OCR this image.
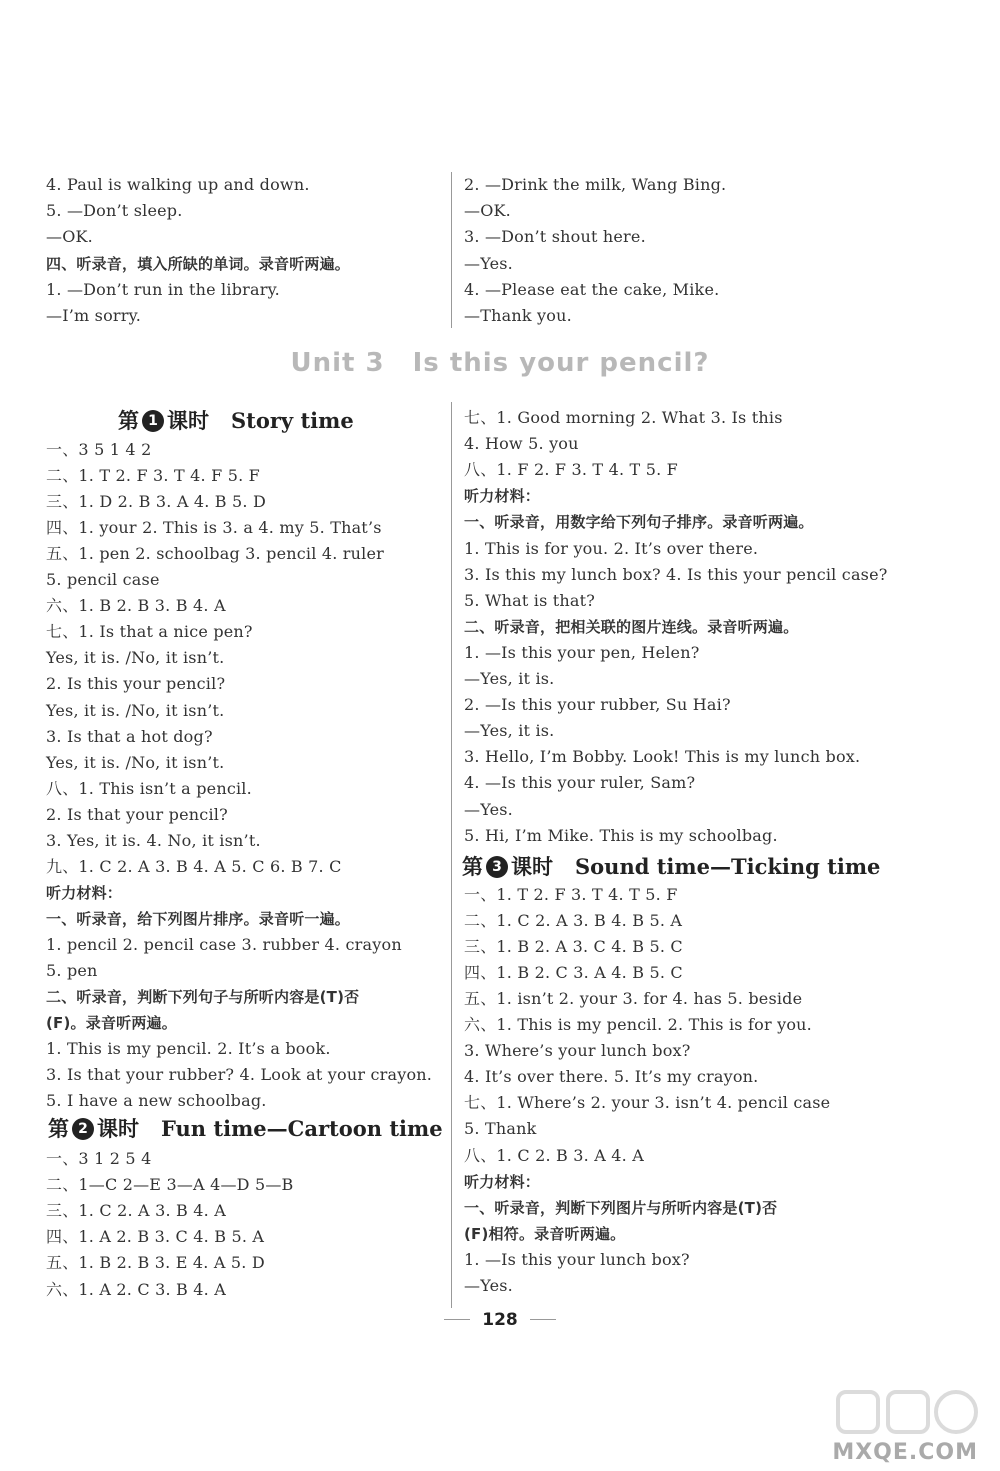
4. Paul is walking up and down.
5. —Don’t sleep.
—OK.
四、听录音，填入所缺的单词。录音听两遍。
1. —Don’t run in the library.
—I’m sorry.
2. —Drink the milk, Wang Bing.
—OK.
3. —Don’t shout here.
—Yes.
4. —Please eat the cake, Mike.
—Thank you.
Unit 3 Is this your pencil?
第 1 课时 Story time
第 2 课时 Fun time—Cartoon time
第 3 课时 Sound time—Ticking time
一、3 5 1 4 2
二、1. T 2. F 3. T 4. F 5. F
三、1. D 2. B 3. A 4. B 5. D
四、1. your 2. This is 3. a 4. my 5. That’s
五、1. pen 2. schoolbag 3. pencil 4. ruler
5. pencil case
六、1. B 2. B 3. B 4. A
七、1. Is that a nice pen?
Yes, it is. /No, it isn’t.
2. Is this your pencil?
Yes, it is. /No, it isn’t.
3. Is that a hot dog?
Yes, it is. /No, it isn’t.
八、1. This isn’t a pencil.
2. Is that your pencil?
3. Yes, it is. 4. No, it isn’t.
九、1. C 2. A 3. B 4. A 5. C 6. B 7. C
听力材料：
一、听录音，给下列图片排序。录音听一遍。
1. pencil 2. pencil case 3. rubber 4. crayon
5. pen
二、听录音，判断下列句子与所听内容是(T)否
(F)。录音听两遍。
1. This is my pencil. 2. It’s a book.
3. Is that your rubber? 4. Look at your crayon.
5. I have a new schoolbag.
一、3 1 2 5 4
二、1—C 2—E 3—A 4—D 5—B
三、1. C 2. A 3. B 4. A
四、1. A 2. B 3. C 4. B 5. A
五、1. B 2. B 3. E 4. A 5. D
六、1. A 2. C 3. B 4. A
七、1. Good morning 2. What 3. Is this
4. How 5. you
八、1. F 2. F 3. T 4. T 5. F
听力材料：
一、听录音，用数字给下列句子排序。录音听两遍。
1. This is for you. 2. It’s over there.
3. Is this my lunch box? 4. Is this your pencil case?
5. What is that?
二、听录音，把相关联的图片连线。录音听两遍。
1. —Is this your pen, Helen?
—Yes, it is.
2. —Is this your rubber, Su Hai?
—Yes, it is.
3. Hello, I’m Bobby. Look! This is my lunch box.
4. —Is this your ruler, Sam?
—Yes.
5. Hi, I’m Mike. This is my schoolbag.
一、1. T 2. F 3. T 4. T 5. F
二、1. C 2. A 3. B 4. B 5. A
三、1. B 2. A 3. C 4. B 5. C
四、1. B 2. C 3. A 4. B 5. C
五、1. isn’t 2. your 3. for 4. has 5. beside
六、1. This is my pencil. 2. This is for you.
3. Where’s your lunch box?
4. It’s over there. 5. It’s my crayon.
七、1. Where’s 2. your 3. isn’t 4. pencil case
5. Thank
八、1. C 2. B 3. A 4. A
听力材料：
一、听录音，判断下列图片与所听内容是(T)否
(F)相符。录音听两遍。
1. —Is this your lunch box?
—Yes.
128
MXQE.COM
